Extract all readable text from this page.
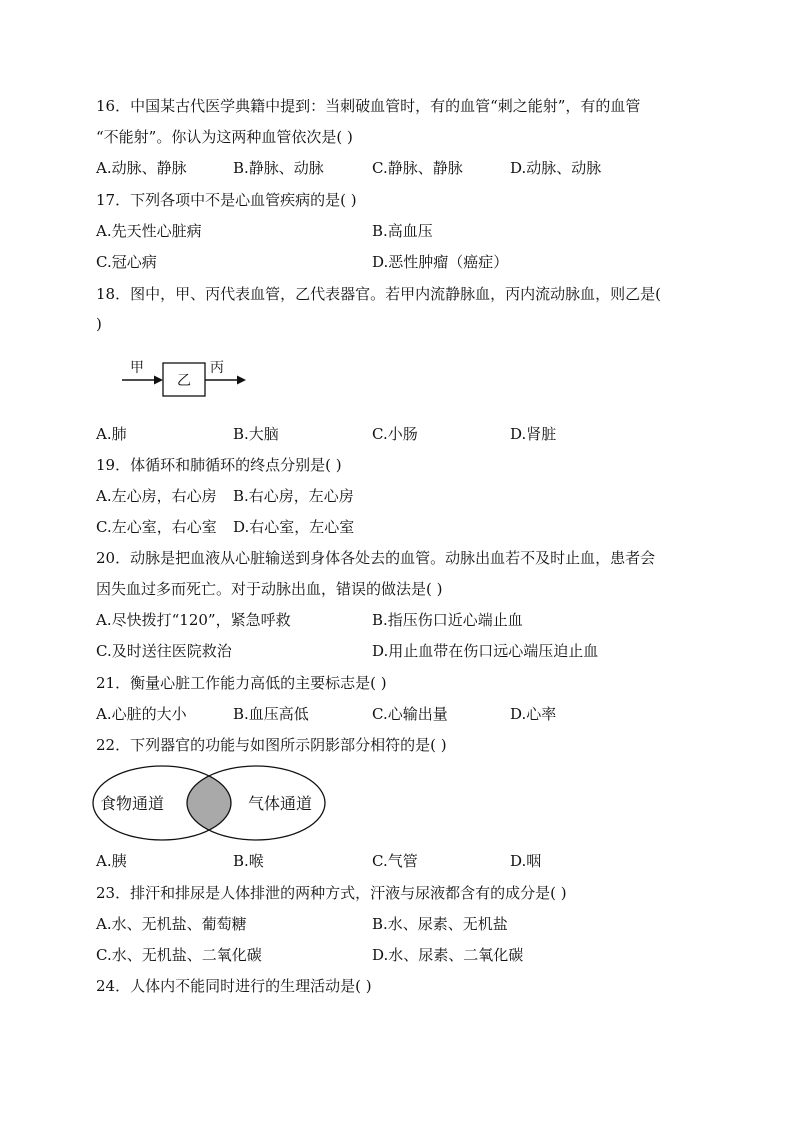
16．中国某古代医学典籍中提到：当刺破血管时，有的血管“刺之能射”，有的血管
“不能射”。你认为这两种血管依次是( )
A.动脉、静脉	B.静脉、动脉	C.静脉、静脉	D.动脉、动脉
17．下列各项中不是心血管疾病的是( )
A.先天性心脏病	B.高血压
C.冠心病	D.恶性肿瘤（癌症）
18．图中，甲、丙代表血管，乙代表器官。若甲内流静脉血，丙内流动脉血，则乙是(
)
甲
乙
丙
A.肺	B.大脑	C.小肠	D.肾脏
19．体循环和肺循环的终点分别是( )
A.左心房，右心房 B.右心房，左心房
C.左心室，右心室 D.右心室，左心室
20．动脉是把血液从心脏输送到身体各处去的血管。动脉出血若不及时止血，患者会
因失血过多而死亡。对于动脉出血，错误的做法是( )
A.尽快拨打“120”，紧急呼救	B.指压伤口近心端止血
C.及时送往医院救治	D.用止血带在伤口远心端压迫止血
21．衡量心脏工作能力高低的主要标志是( )
A.心脏的大小	B.血压高低	C.心输出量	D.心率
22．下列器官的功能与如图所示阴影部分相符的是( )
食物通道	气体通道
A.胰	B.喉	C.气管	D.咽
23．排汗和排尿是人体排泄的两种方式，汗液与尿液都含有的成分是( )
A.水、无机盐、葡萄糖	B.水、尿素、无机盐
C.水、无机盐、二氧化碳	D.水、尿素、二氧化碳
24．人体内不能同时进行的生理活动是( )
